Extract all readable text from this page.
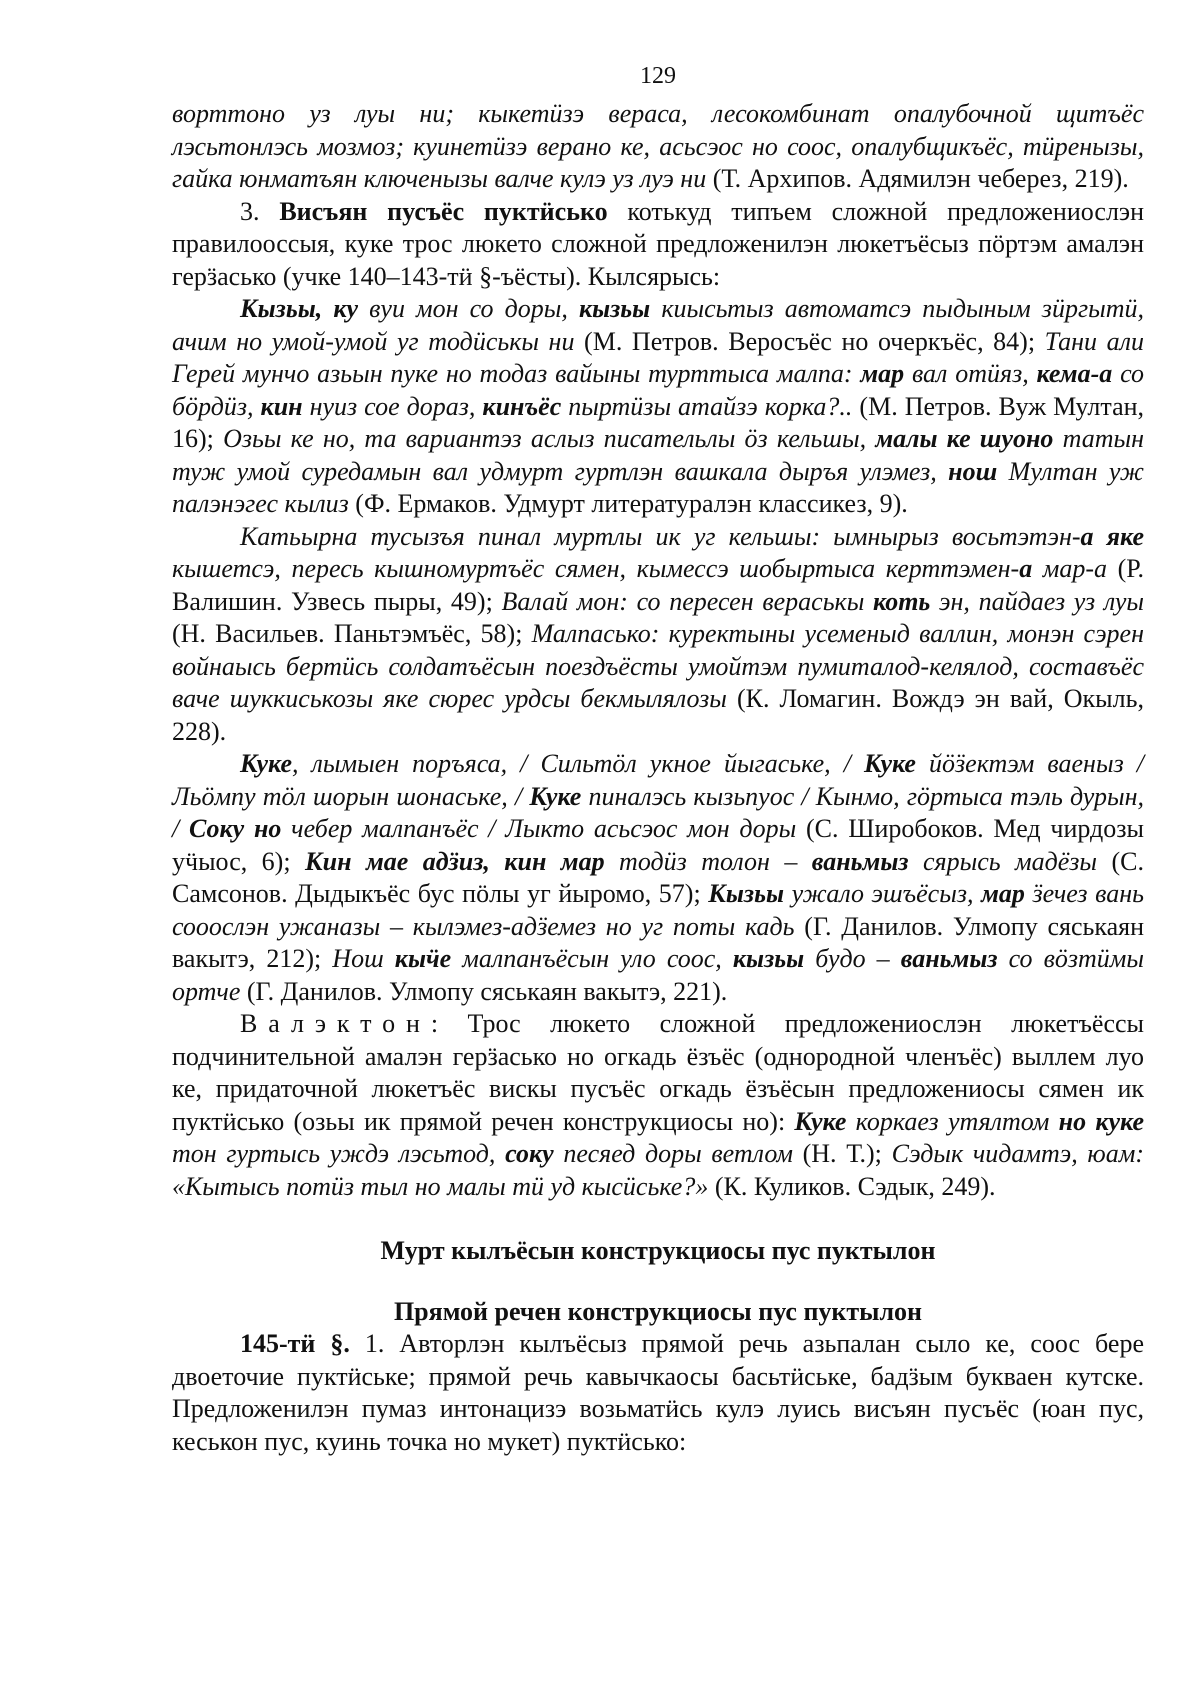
129

ворттоно уз луы ни; кыкетӥзэ вераса, лесокомбинат опалубочной щитъёс лэсьтонлэсь мозмоз; куинетӥзэ верано ке, асьсэос но соос, опалубщикъёс, тӥренызы, гайка юнматъян ключенызы валче кулэ уз луэ ни (Т. Архипов. Адямилэн чеберез, 219).

3. Висъян пусъёс пуктӥсько котькуд типъем сложной предложениослэн правилооссыя, куке трос люкето сложной предложенилэн люкетъёсыз пӧртэм амалэн герӟасько (учке 140–143-тӥ §-ъёсты). Кылсярысь:

Кызьы, ку вуи мон со доры, кызьы киысьтыз автоматсэ пыдыным зӥргытӥ, ачим но умой-умой уг тодӥськы ни (М. Петров. Веросъёс но очеркъёс, 84); Тани али Герей мунчо азьын пуке но тодаз вайыны турттыса малпа: мар вал отӥяз, кема-а со бӧрдӥз, кин нуиз сое дораз, кинъёс пыртӥзы атайзэ корка?.. (М. Петров. Вуж Мултан, 16); Озьы ке но, та вариантэз аслыз писательлы ӧз кельшы, малы ке шуоно татын туж умой суредамын вал удмурт гуртлэн вашкала дыръя улэмез, нош Мултан уж палэнэгес кылиз (Ф. Ермаков. Удмурт литературалэн классикез, 9).

Катьырна тусызъя пинал муртлы ик уг кельшы: ымнырыз восьтэтэн-а яке кышетсэ, пересь кышномуртъёс сямен, кымессэ шобыртыса керттэмен-а мар-а (Р. Валишин. Узвесь пыры, 49); Валай мон: со пересен вераськы коть эн, пайдаез уз луы (Н. Васильев. Паньтэмъёс, 58); Малпасько: куректыны усеменыд валлин, монэн сэрен войнаысь бертӥсь солдатъёсын поездъёсты умойтэм пумиталод-келялод, составъёс ваче шуккиськозы яке сюрес урдсы бекмылялозы (К. Ломагин. Вождэ эн вай, Окыль, 228).

Куке, лымыен поръяса, / Сильтӧл укное йыгаське, / Куке йӧӟектэм ваеныз / Льӧмпу тӧл шорын шонаське, / Куке пиналэсь кызьпуос / Кынмо, гӧртыса тэль дурын, / Соку но чебер малпанъёс / Лыкто асьсэос мон доры (С. Широбоков. Мед чирдозы уӵыос, 6); Кин мае адӟиз, кин мар тодӥз толон – ваньмыз сярысь мадёзы (С. Самсонов. Дыдыкъёс бус пӧлы уг йыромо, 57); Кызьы ужало эшъёсыз, мар ӟечез вань сооослэн ужаназы – кылэмез-адӟемез но уг поты кадь (Г. Данилов. Улмопу сяськаян вакытэ, 212); Нош кыӵе малпанъёсын уло соос, кызьы будо – ваньмыз со вӧзтӥмы ортче (Г. Данилов. Улмопу сяськаян вакытэ, 221).

Валэктон: Трос люкето сложной предложениослэн люкетъёссы подчинительной амалэн герӟасько но огкадь ёзъёс (однородной членъёс) выллем луо ке, придаточной люкетъёс вискы пусъёс огкадь ёзъёсын предложениосы сямен ик пуктӥсько (озьы ик прямой речен конструкциосы но): Куке коркаез утялтом но куке тон гуртысь уждэ лэсьтод, соку песяед доры ветлом (Н. Т.); Сэдык чидамтэ, юам: «Кытысь потӥз тыл но малы тӥ уд кысӥське?» (К. Куликов. Сэдык, 249).

Мурт кылъёсын конструкциосы пус пуктылон
Прямой речен конструкциосы пус пуктылон

145-тӥ §. 1. Авторлэн кылъёсыз прямой речь азьпалан сыло ке, соос бере двоеточие пуктӥське; прямой речь кавычкаосы басьтӥське, бадӟым букваен кутске. Предложенилэн пумаз интонацизэ возьматӥсь кулэ луись висъян пусъёс (юан пус, кеськон пус, куинь точка но мукет) пуктӥсько:
